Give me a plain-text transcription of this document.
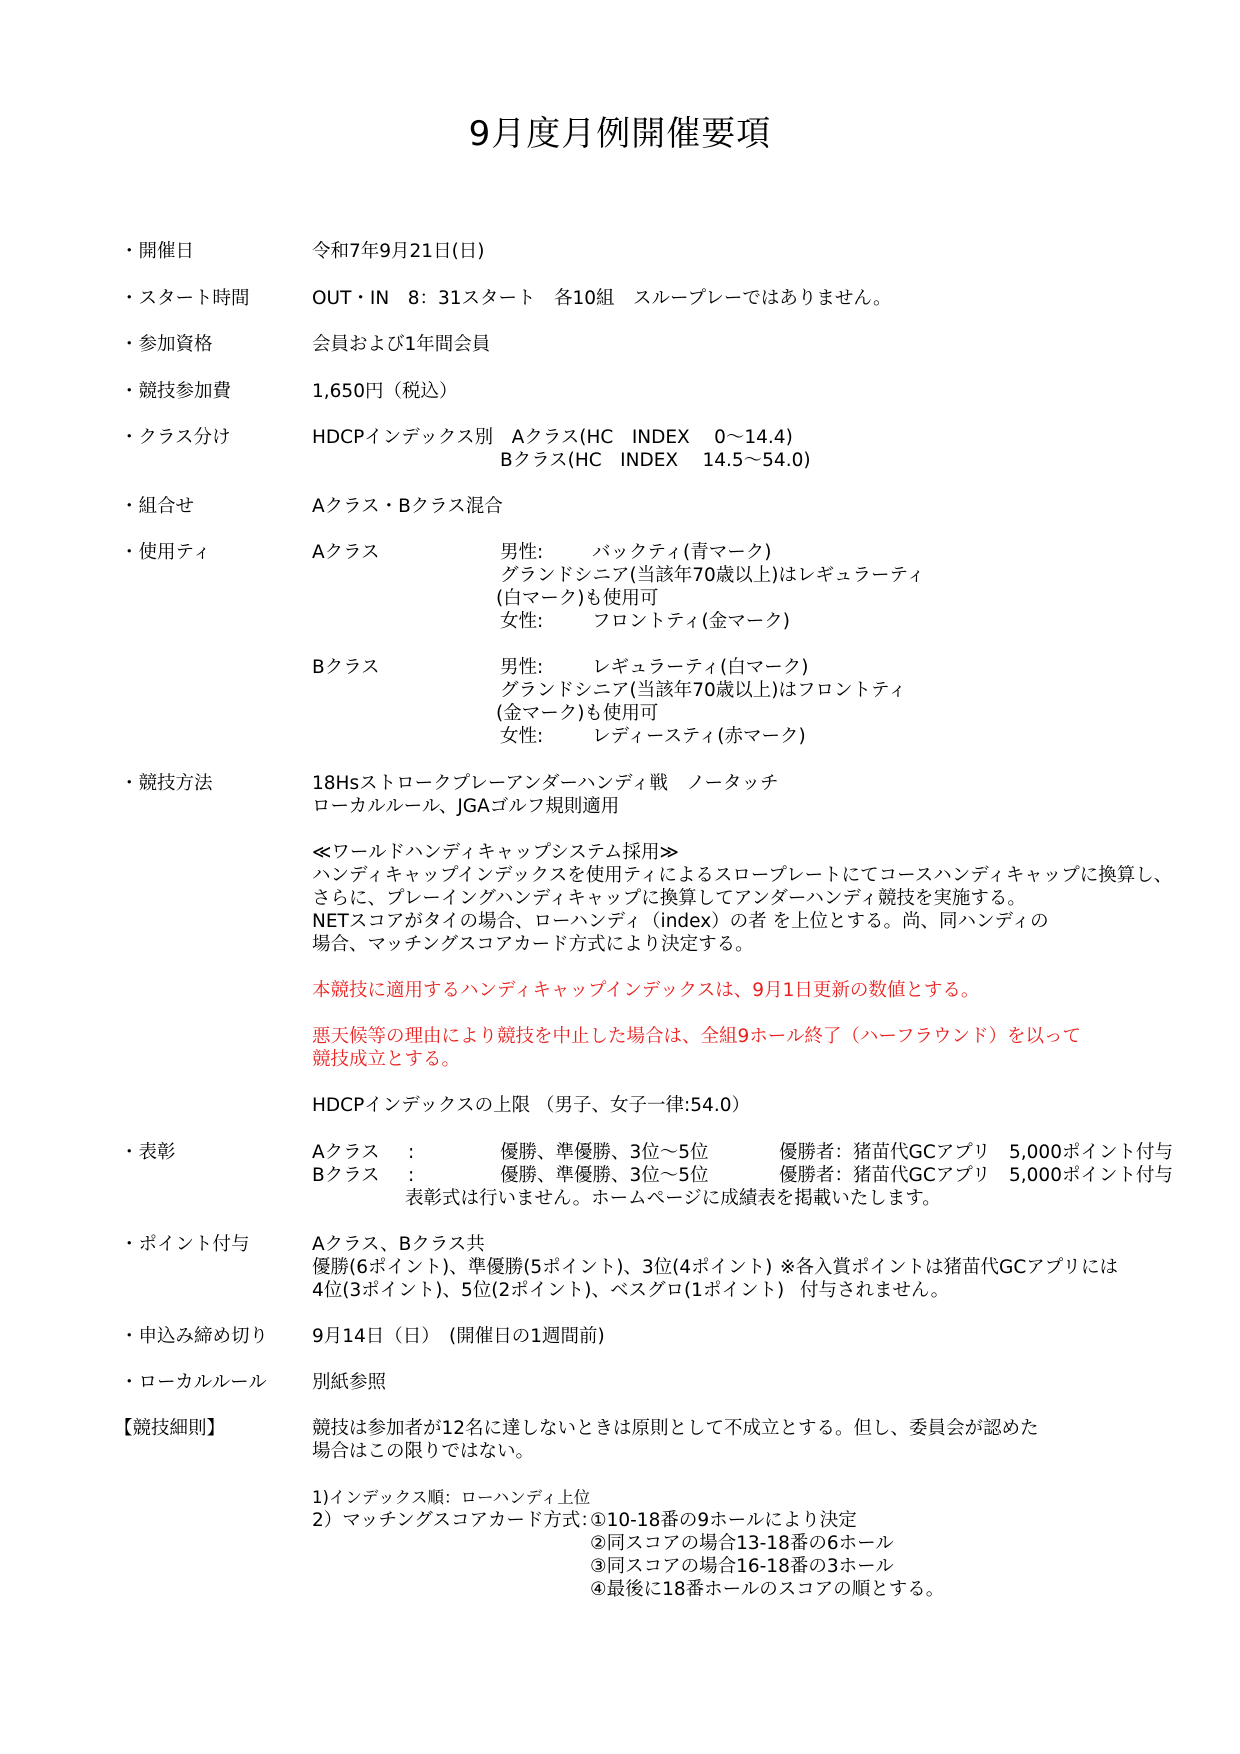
9月度月例開催要項
・開催日	令和7年9月21日(日)
・スタート時間	OUT・IN　8：31スタート　各10組　スループレーではありません。
・参加資格	会員および1年間会員
・競技参加費	1,650円（税込）
・クラス分け	HDCPインデックス別　Aクラス(HC　INDEX　 0～14.4)
Bクラス(HC　INDEX　 14.5～54.0)
・組合せ	Aクラス・Bクラス混合
・使用ティ	Aクラス	男性:	バックティ(青マーク)
グランドシニア(当該年70歳以上)はレギュラーティ
(白マーク)も使用可
女性:	フロントティ(金マーク)
Bクラス	男性:	レギュラーティ(白マーク)
グランドシニア(当該年70歳以上)はフロントティ
(金マーク)も使用可
女性:	レディースティ(赤マーク)
・競技方法	18Hsストロークプレーアンダーハンディ戦　ノータッチ
ローカルルール、JGAゴルフ規則適用
≪ワールドハンディキャップシステム採用≫
ハンディキャップインデックスを使用ティによるスロープレートにてコースハンディキャップに換算し、
さらに、プレーイングハンディキャップに換算してアンダーハンディ競技を実施する。
NETスコアがタイの場合、ローハンディ（index）の者 を上位とする。尚、同ハンディの
場合、マッチングスコアカード方式により決定する。
本競技に適用するハンディキャップインデックスは、9月1日更新の数値とする。
悪天候等の理由により競技を中止した場合は、全組9ホール終了（ハーフラウンド）を以って
競技成立とする。
HDCPインデックスの上限 （男子、女子一律:54.0）
・表彰	Aクラス :	優勝、準優勝、3位～5位	優勝者：猪苗代GCアプリ　5,000ポイント付与
Bクラス :	優勝、準優勝、3位～5位	優勝者：猪苗代GCアプリ　5,000ポイント付与
表彰式は行いません。ホームページに成績表を掲載いたします。
・ポイント付与	Aクラス、Bクラス共
優勝(6ポイント)、準優勝(5ポイント)、3位(4ポイント) ※各入賞ポイントは猪苗代GCアプリには
4位(3ポイント)、5位(2ポイント)、ベスグロ(1ポイント) 付与されません。
・申込み締め切り 9月14日（日）　(開催日の1週間前)
・ローカルルール 別紙参照
【競技細則】	競技は参加者が12名に達しないときは原則として不成立とする。但し、委員会が認めた
場合はこの限りではない。
1)インデックス順：ローハンディ上位
2）マッチングスコアカード方式：
①10-18番の9ホールにより決定
②同スコアの場合13-18番の6ホール
③同スコアの場合16-18番の3ホール
④最後に18番ホールのスコアの順とする。
